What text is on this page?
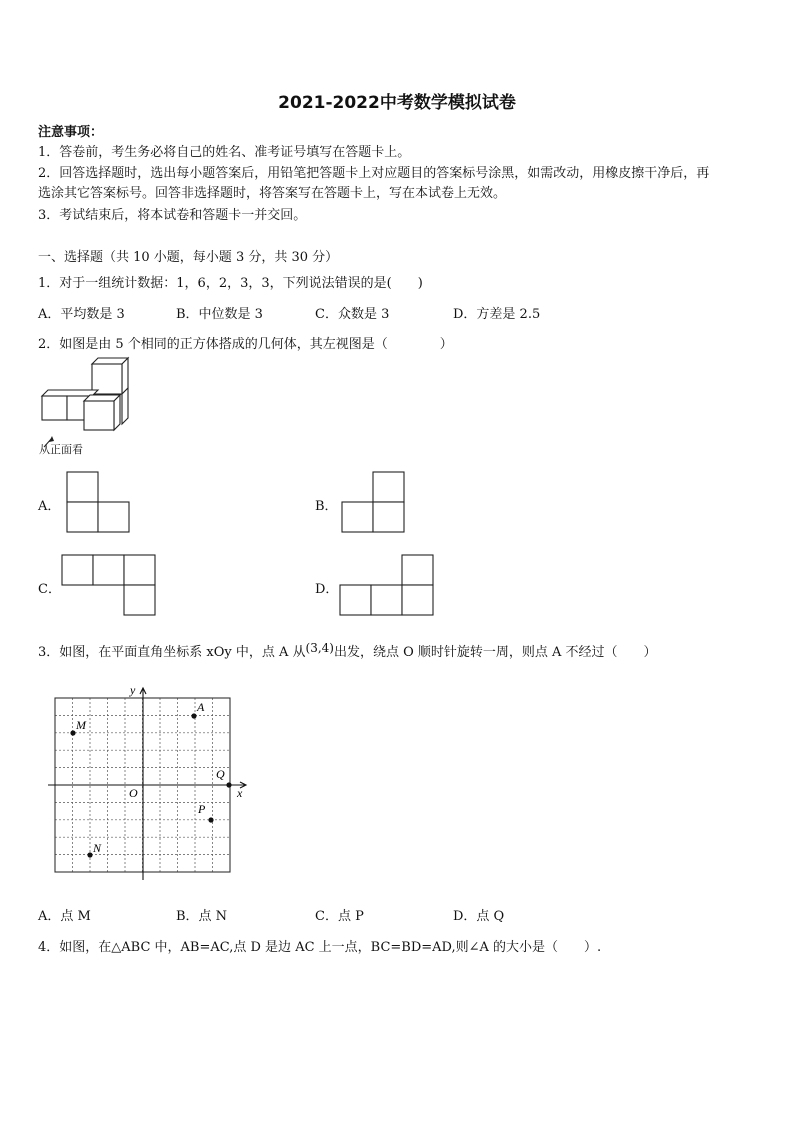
2021-2022中考数学模拟试卷
注意事项：
1．答卷前，考生务必将自己的姓名、准考证号填写在答题卡上。
2．回答选择题时，选出每小题答案后，用铅笔把答题卡上对应题目的答案标号涂黑，如需改动，用橡皮擦干净后，再
选涂其它答案标号。回答非选择题时，将答案写在答题卡上，写在本试卷上无效。
3．考试结束后，将本试卷和答题卡一并交回。
一、选择题（共 10 小题，每小题 3 分，共 30 分）
1．对于一组统计数据：1，6，2，3，3，下列说法错误的是(　　)
A．平均数是 3	B．中位数是 3	C．众数是 3	D．方差是 2.5
2．如图是由 5 个相同的正方体搭成的几何体，其左视图是（　　　　）
从正面看
A．	B．
C．	D．
3．如图，在平面直角坐标系 xOy 中，点 A 从(3,4)出发，绕点 O 顺时针旋转一周，则点 A 不经过（　　）
y
x
O
A
M
Q
P
N
A．点 M	B．点 N	C．点 P	D．点 Q
4．如图，在△ABC 中，AB=AC,点 D 是边 AC 上一点，BC=BD=AD,则∠A 的大小是（　　）.
